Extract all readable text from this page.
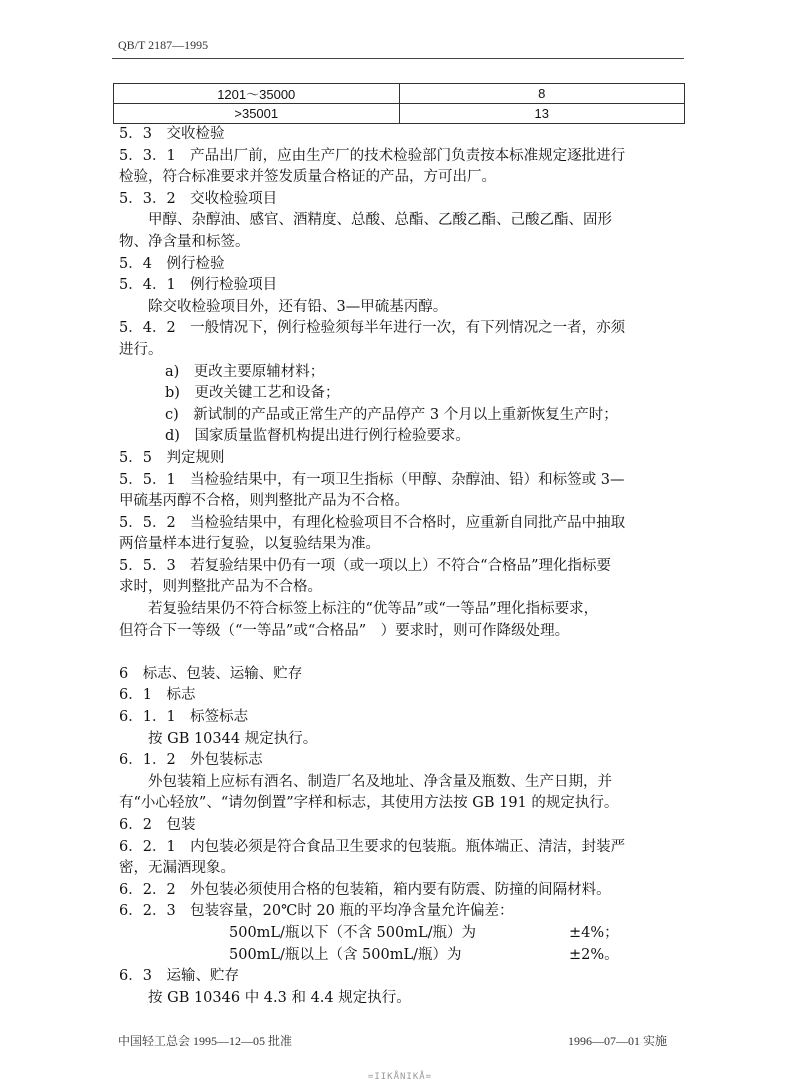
QB/T 2187—1995
1201～35000	8
>35001	13
5．3　交收检验
5．3．1　产品出厂前，应由生产厂的技术检验部门负责按本标准规定逐批进行
检验，符合标准要求并签发质量合格证的产品，方可出厂。
5．3．2　交收检验项目
甲醇、杂醇油、感官、酒精度、总酸、总酯、乙酸乙酯、己酸乙酯、固形
物、净含量和标签。
5．4　例行检验
5．4．1　例行检验项目
除交收检验项目外，还有铅、3—甲硫基丙醇。
5．4．2　一般情况下，例行检验须每半年进行一次，有下列情况之一者，亦须
进行。
a)　更改主要原辅材料；
b)　更改关键工艺和设备；
c)　新试制的产品或正常生产的产品停产 3 个月以上重新恢复生产时；
d)　国家质量监督机构提出进行例行检验要求。
5．5　判定规则
5．5．1　当检验结果中，有一项卫生指标（甲醇、杂醇油、铅）和标签或 3—
甲硫基丙醇不合格，则判整批产品为不合格。
5．5．2　当检验结果中，有理化检验项目不合格时，应重新自同批产品中抽取
两倍量样本进行复验，以复验结果为准。
5．5．3　若复验结果中仍有一项（或一项以上）不符合“合格品”理化指标要
求时，则判整批产品为不合格。
若复验结果仍不符合标签上标注的“优等品”或“一等品”理化指标要求，
但符合下一等级（“一等品”或“合格品”　）要求时，则可作降级处理。
6　标志、包装、运输、贮存
6．1　标志
6．1．1　标签标志
按 GB 10344 规定执行。
6．1．2　外包装标志
外包装箱上应标有酒名、制造厂名及地址、净含量及瓶数、生产日期，并
有“小心轻放”、“请勿倒置”字样和标志，其使用方法按 GB 191 的规定执行。
6．2　包装
6．2．1　内包装必须是符合食品卫生要求的包装瓶。瓶体端正、清洁，封装严
密，无漏酒现象。
6．2．2　外包装必须使用合格的包装箱，箱内要有防震、防撞的间隔材料。
6．2．3　包装容量，20℃时 20 瓶的平均净含量允许偏差：
500mL/瓶以下（不含 500mL/瓶）为	±4%；
500mL/瓶以上（含 500mL/瓶）为	±2%。
6．3　运输、贮存
按 GB 10346 中 4.3 和 4.4 规定执行。
中国轻工总会 1995—12—05 批准	1996—07—01 实施
=IIKÅNIKÅ=
